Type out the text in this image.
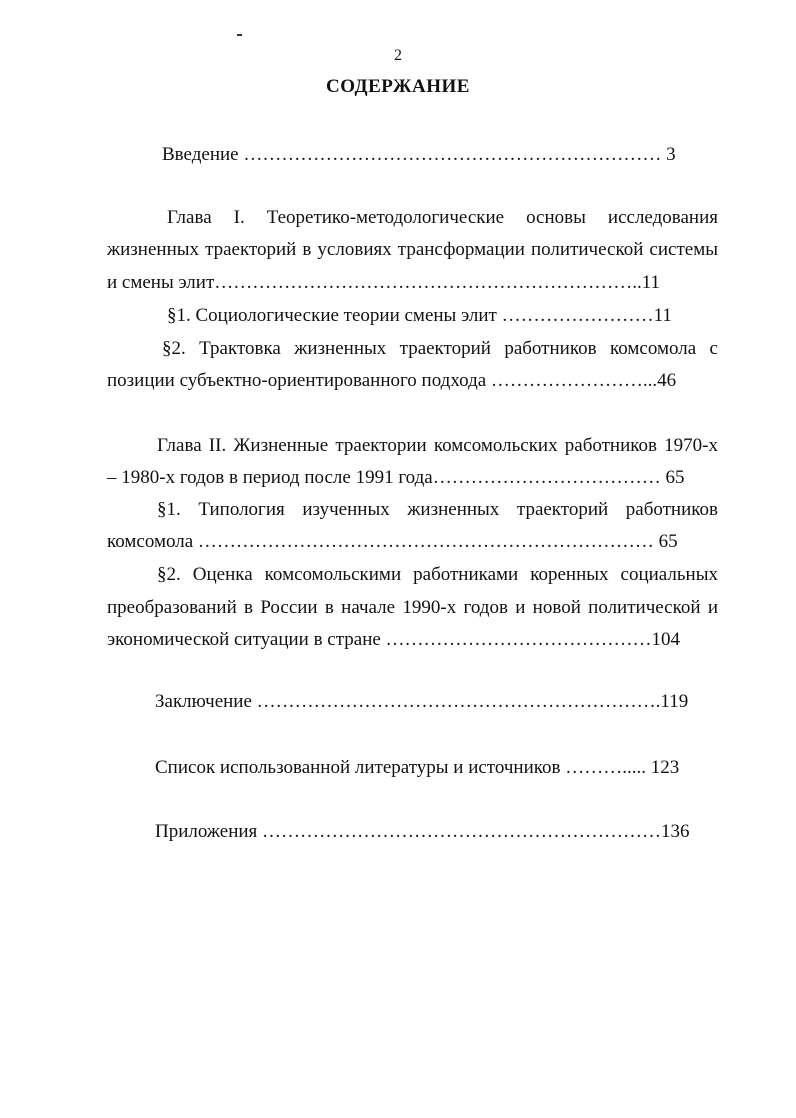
2
СОДЕРЖАНИЕ
Введение ………………………………………………………… 3
Глава I. Теоретико-методологические основы исследования
жизненных траекторий в условиях трансформации политической системы
и смены элит…………………………………………………………..11
§1. Социологические теории смены элит ……………………11
§2. Трактовка жизненных траекторий работников комсомола с
позиции субъектно-ориентированного подхода ……………………...46
Глава II. Жизненные траектории комсомольских работников 1970-х
– 1980-х годов в период после 1991 года……………………………… 65
§1. Типология изученных жизненных траекторий работников
комсомола ……………………………………………………………… 65
§2. Оценка комсомольскими работниками коренных социальных
преобразований в России в начале 1990-х годов и новой политической и
экономической ситуации в стране ……………………………………104
Заключение ……………………………………………………….119
Список использованной литературы и источников ………..... 123
Приложения ………………………………………………………136
